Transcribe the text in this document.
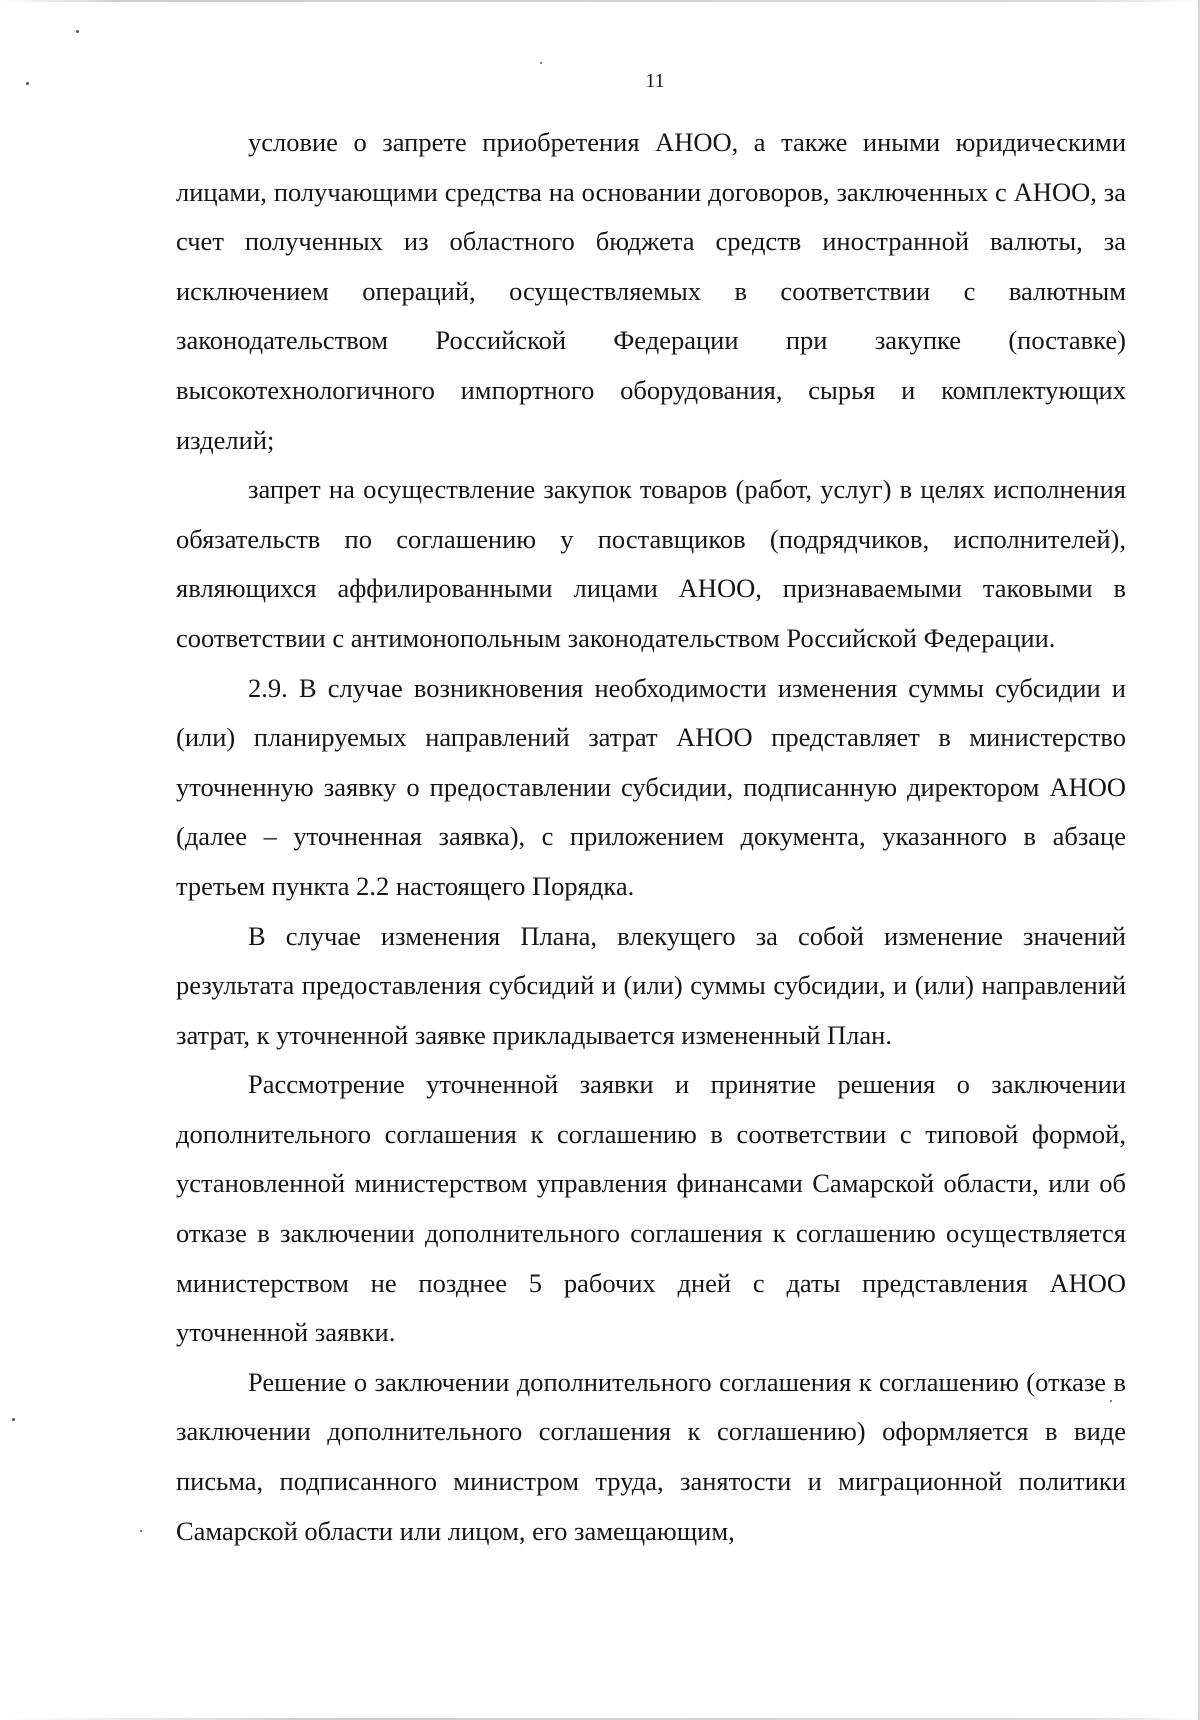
11

условие о запрете приобретения АНОО, а также иными юридическими лицами, получающими средства на основании договоров, заключенных с АНОО, за счет полученных из областного бюджета средств иностранной валюты, за исключением операций, осуществляемых в соответствии с валютным законодательством Российской Федерации при закупке (поставке) высокотехнологичного импортного оборудования, сырья и комплектующих изделий;

запрет на осуществление закупок товаров (работ, услуг) в целях исполнения обязательств по соглашению у поставщиков (подрядчиков, исполнителей), являющихся аффилированными лицами АНОО, признаваемыми таковыми в соответствии с антимонопольным законодательством Российской Федерации.

2.9. В случае возникновения необходимости изменения суммы субсидии и (или) планируемых направлений затрат АНОО представляет в министерство уточненную заявку о предоставлении субсидии, подписанную директором АНОО (далее – уточненная заявка), с приложением документа, указанного в абзаце третьем пункта 2.2 настоящего Порядка.

В случае изменения Плана, влекущего за собой изменение значений результата предоставления субсидий и (или) суммы субсидии, и (или) направлений затрат, к уточненной заявке прикладывается измененный План.

Рассмотрение уточненной заявки и принятие решения о заключении дополнительного соглашения к соглашению в соответствии с типовой формой, установленной министерством управления финансами Самарской области, или об отказе в заключении дополнительного соглашения к соглашению осуществляется министерством не позднее 5 рабочих дней с даты представления АНОО уточненной заявки.

Решение о заключении дополнительного соглашения к соглашению (отказе в заключении дополнительного соглашения к соглашению) оформляется в виде письма, подписанного министром труда, занятости и миграционной политики Самарской области или лицом, его замещающим,
